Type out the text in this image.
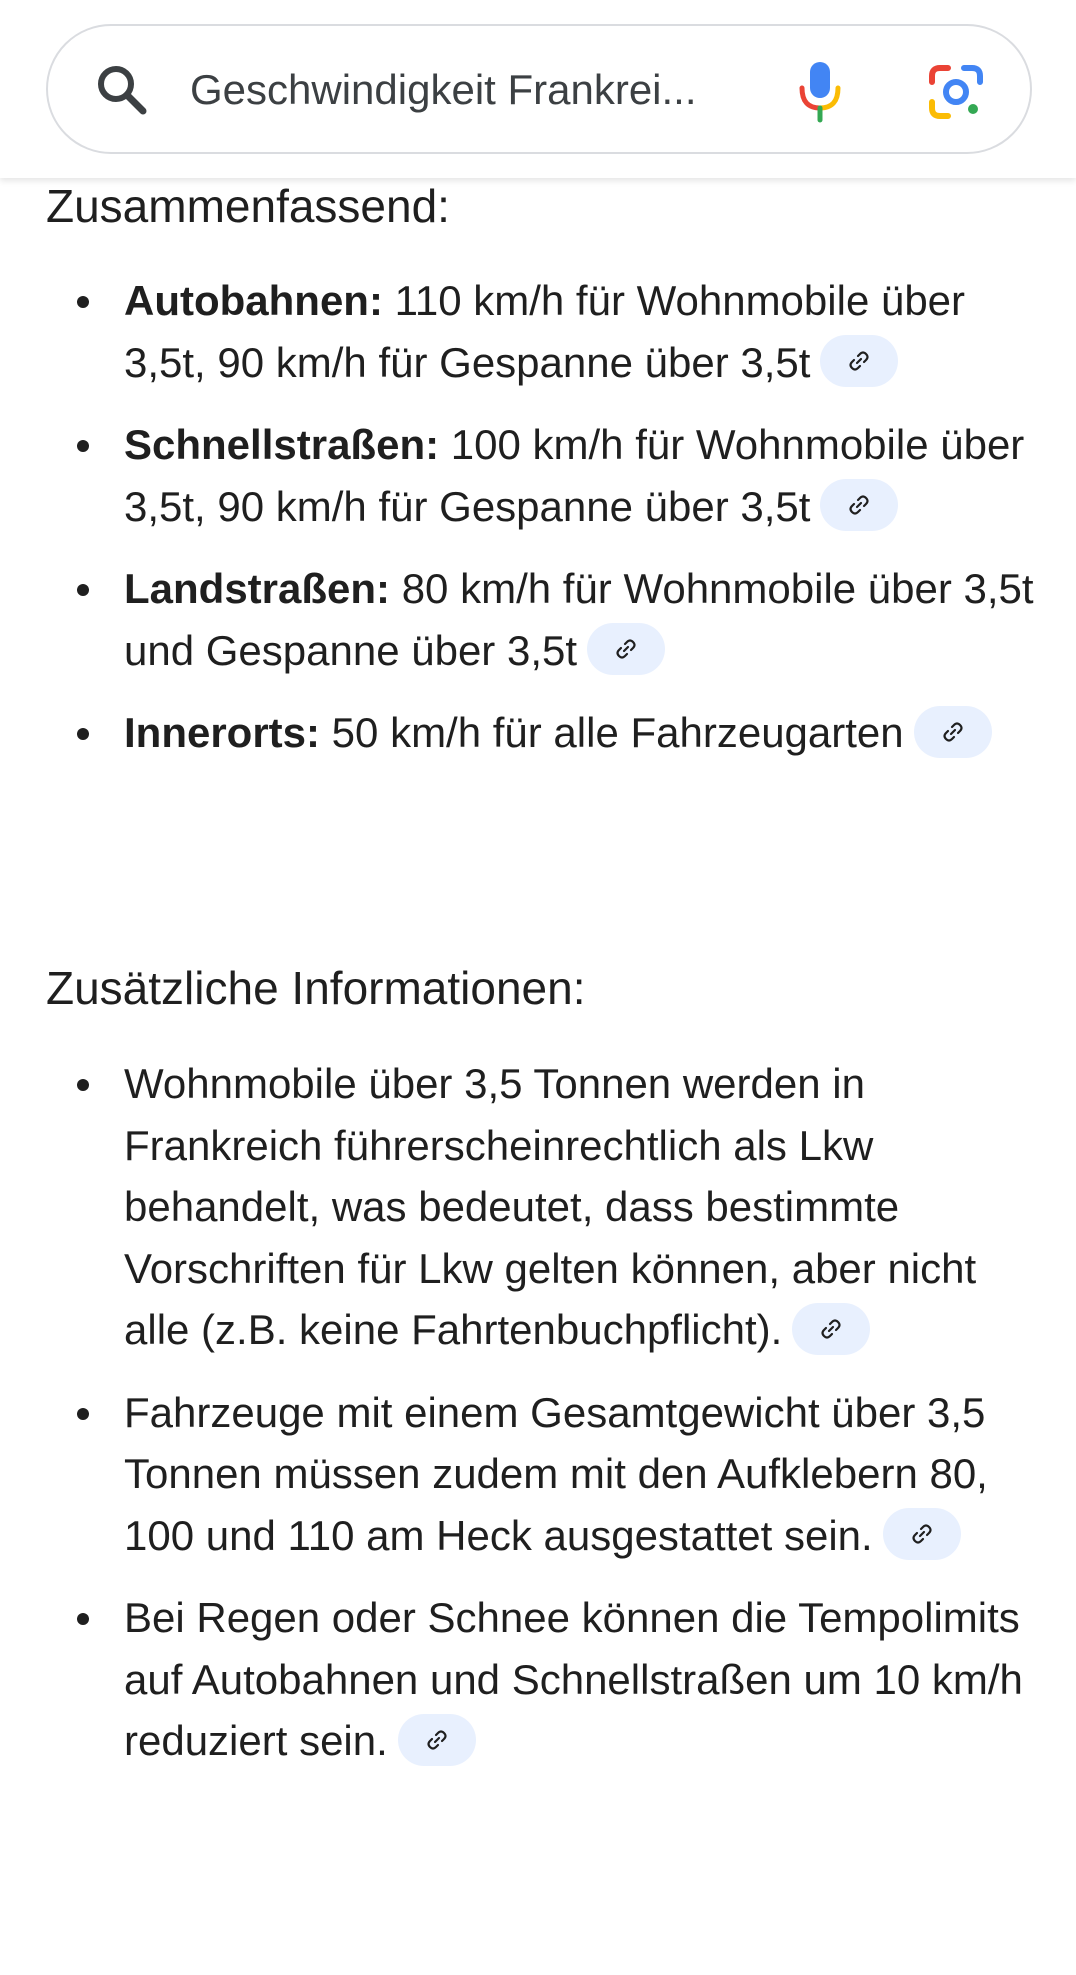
Geschwindigkeit Frankrei...
Zusammenfassend:
Autobahnen: 110 km/h für Wohnmobile über 3,5t, 90 km/h für Gespanne über 3,5t
Schnellstraßen: 100 km/h für Wohnmobile über 3,5t, 90 km/h für Gespanne über 3,5t
Landstraßen: 80 km/h für Wohnmobile über 3,5t und Gespanne über 3,5t
Innerorts: 50 km/h für alle Fahrzeugarten
Zusätzliche Informationen:
Wohnmobile über 3,5 Tonnen werden in Frankreich führerscheinrechtlich als Lkw behandelt, was bedeutet, dass bestimmte Vorschriften für Lkw gelten können, aber nicht alle (z.B. keine Fahrtenbuchpflicht).
Fahrzeuge mit einem Gesamtgewicht über 3,5 Tonnen müssen zudem mit den Aufklebern 80, 100 und 110 am Heck ausgestattet sein.
Bei Regen oder Schnee können die Tempolimits auf Autobahnen und Schnellstraßen um 10 km/h reduziert sein.
